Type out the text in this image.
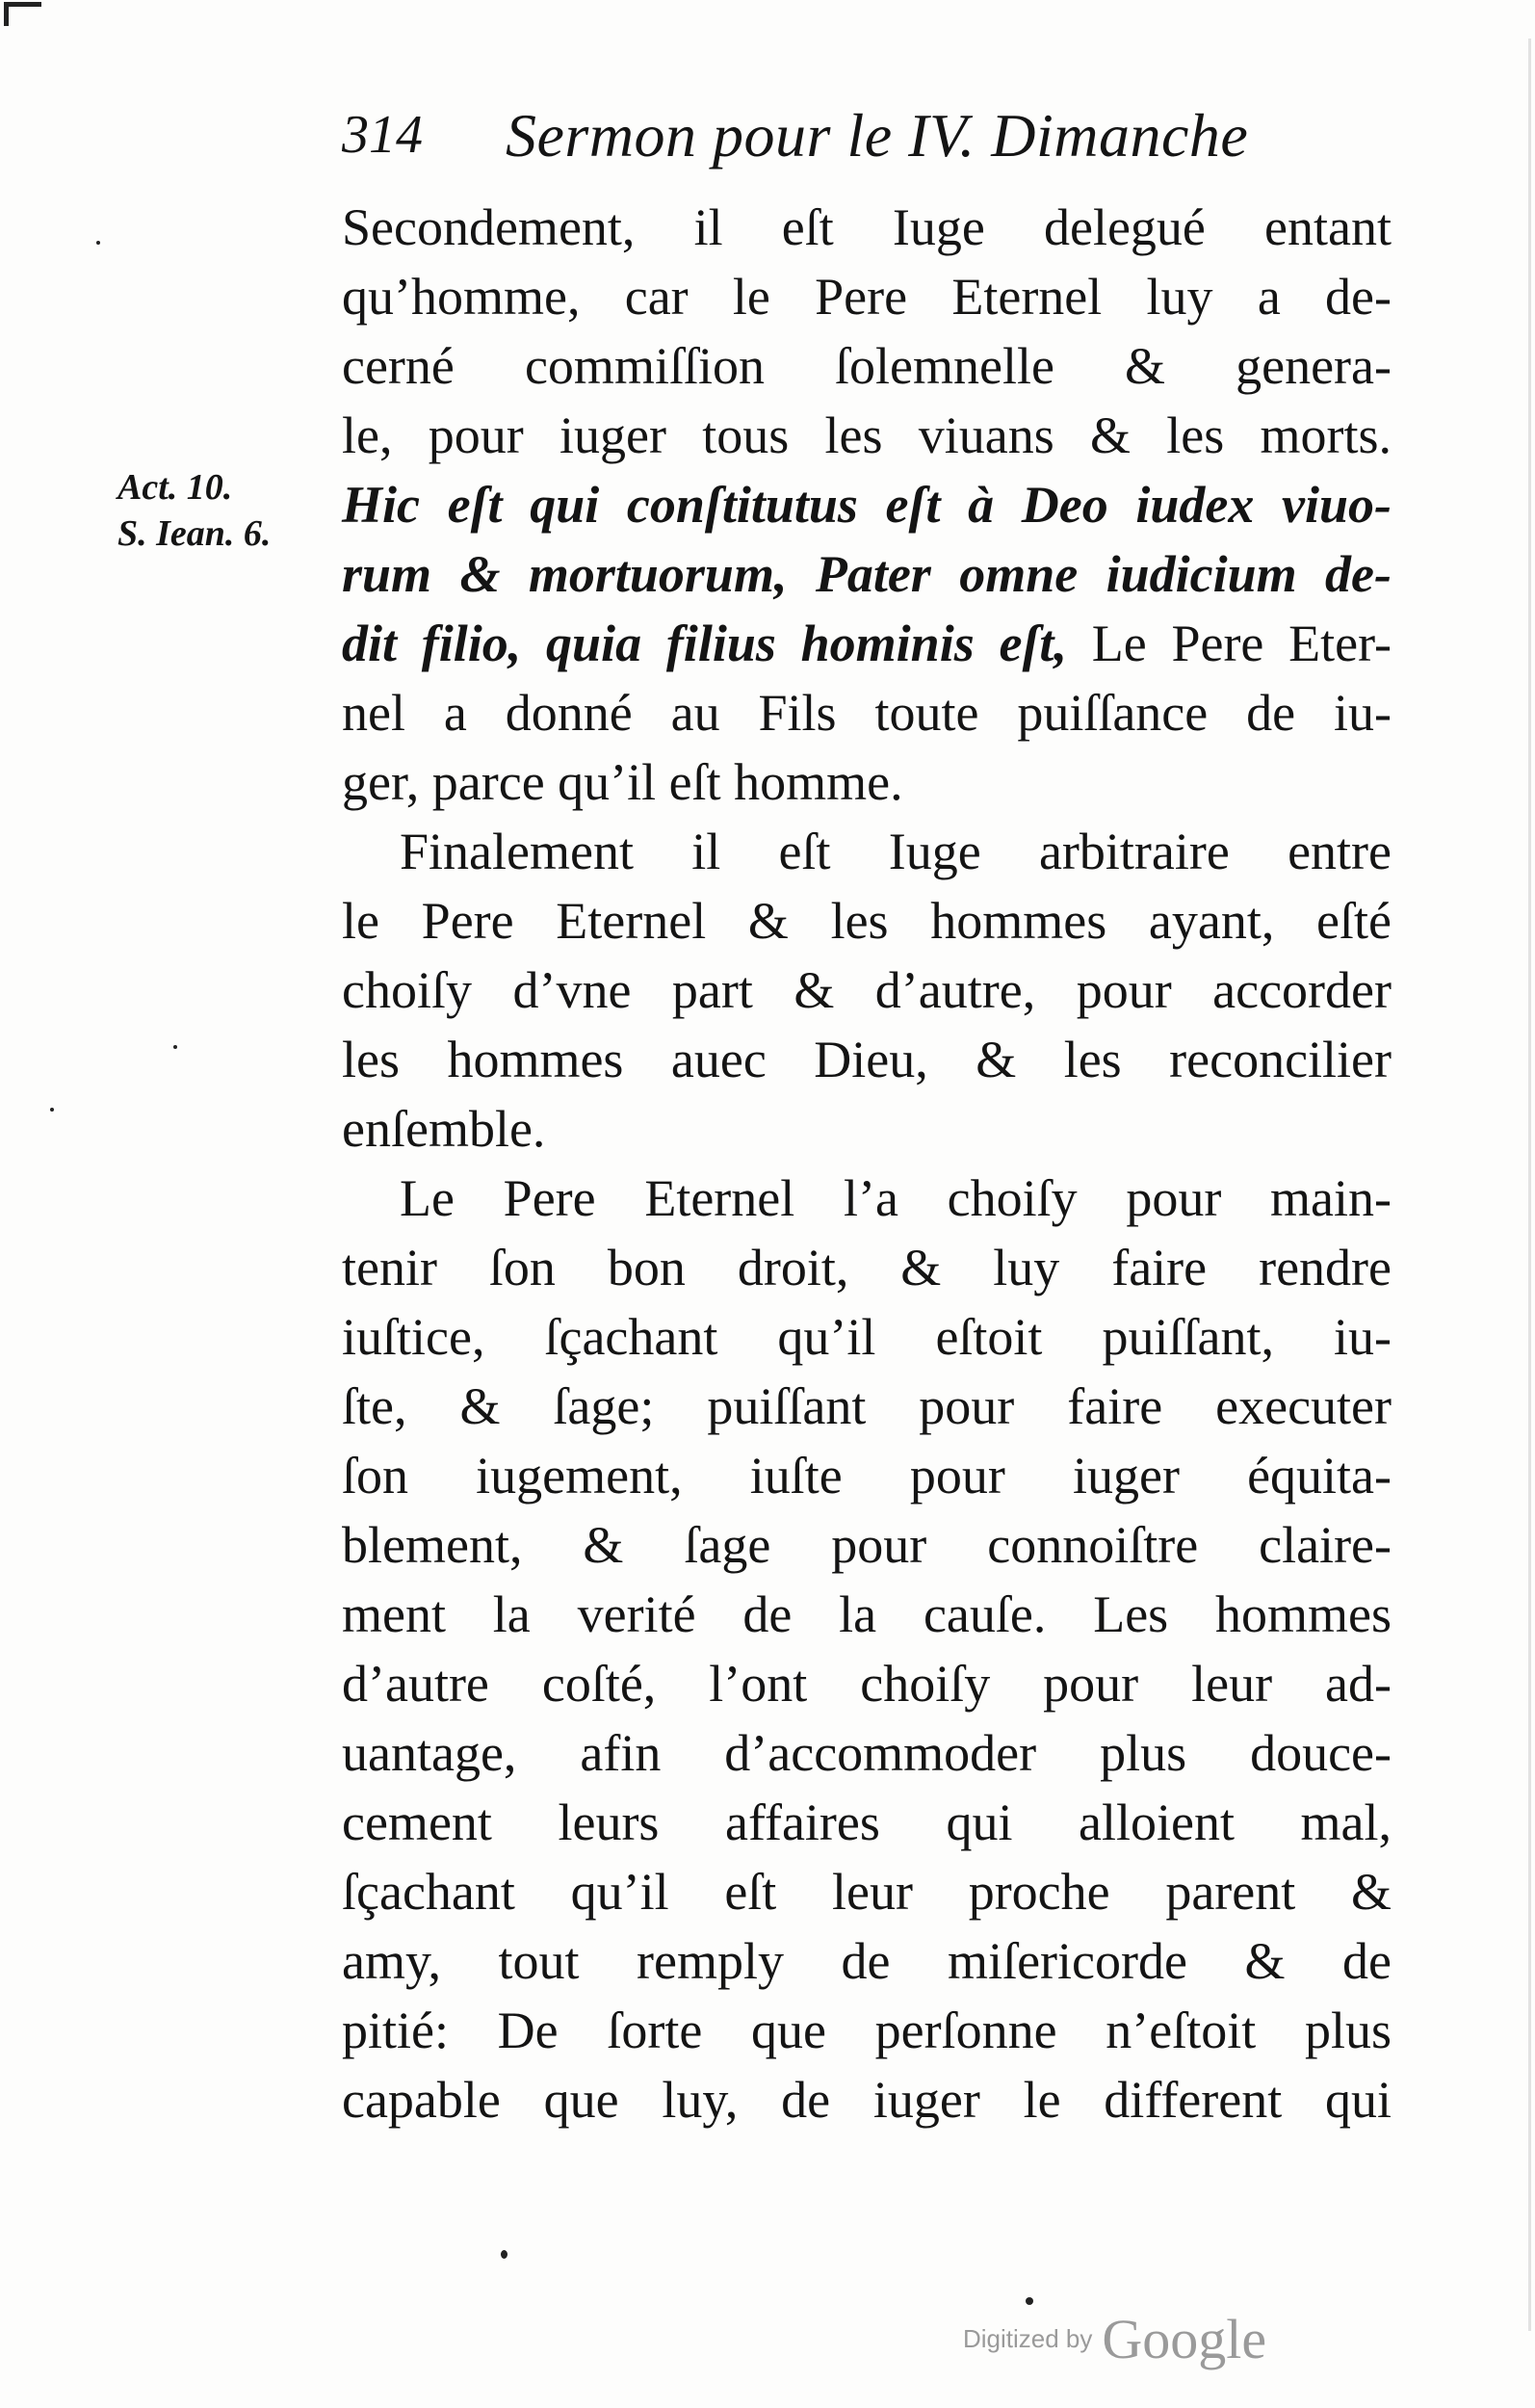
314 Sermon pour le IV. Dimanche
Act. 10.
S. Iean. 6.
Secondement, il eſt Iuge delegué entant
qu’homme, car le Pere Eternel luy a de-
cerné commiſſion ſolemnelle & genera-
le, pour iuger tous les viuans & les morts.
Hic eſt qui conſtitutus eſt à Deo iudex viuo-
rum & mortuorum, Pater omne iudicium de-
dit filio, quia filius hominis eſt, Le Pere Eter-
nel a donné au Fils toute puiſſance de iu-
ger, parce qu’il eſt homme.
Finalement il eſt Iuge arbitraire entre
le Pere Eternel & les hommes ayant, eſté
choiſy d’vne part & d’autre, pour accorder
les hommes auec Dieu, & les reconcilier
enſemble.
Le Pere Eternel l’a choiſy pour main-
tenir ſon bon droit, & luy faire rendre
iuſtice, ſçachant qu’il eſtoit puiſſant, iu-
ſte, & ſage; puiſſant pour faire executer
ſon iugement, iuſte pour iuger équita-
blement, & ſage pour connoiſtre claire-
ment la verité de la cauſe. Les hommes
d’autre coſté, l’ont choiſy pour leur ad-
uantage, afin d’accommoder plus douce-
cement leurs affaires qui alloient mal,
ſçachant qu’il eſt leur proche parent &
amy, tout remply de miſericorde & de
pitié: De ſorte que perſonne n’eſtoit plus
capable que luy, de iuger le different qui
Digitized by Google
